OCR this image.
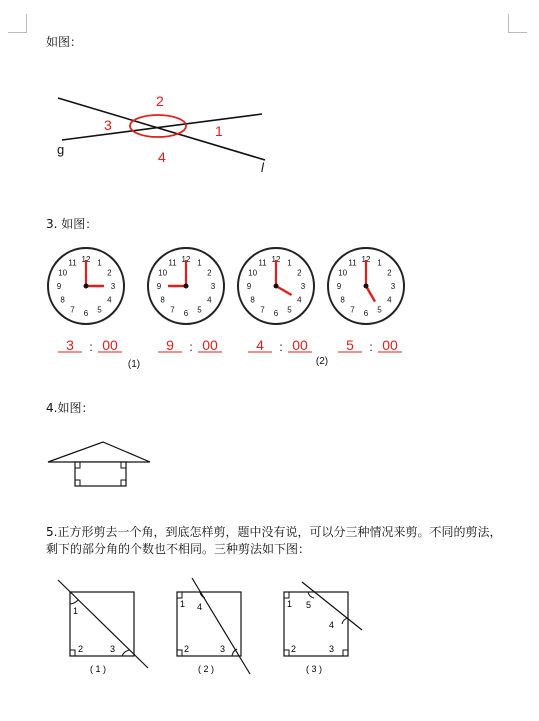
如图：
g
l
2
3	1
4
3. 如图：
12 1
2
3
4
5
6
7
8
9
10
11
3 : 00
12 1
2
3
4
5
6
7
8
9
10
11
9 : 00
12 1
2
3
4
5
6
7
8
9
10
11
4 : 00
12 1
2
3
4
5
6
7
8
9
10
11
5 : 00
(1)	(2)
4.如图：
5.正方形剪去一个角，到底怎样剪，题中没有说，可以分三种情况来剪。不同的剪法，剩下的部分角的个数也不相同。三种剪法如下图：
1
2	3
( 1 )
1 4
2	3
( 2 )
1 5
4
2	3
( 3 )
